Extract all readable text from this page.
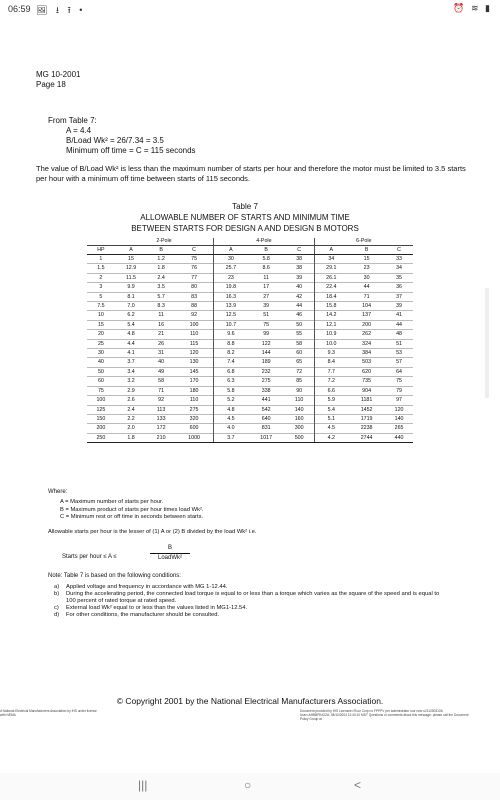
06:59 🖼 ⭳ ⭱ •	⏰ ≋ ▮
MG 10-2001
Page 18
From Table 7:
A = 4.4
B/Load Wk² = 26/7.34 = 3.5
Minimum off time = C = 115 seconds
The value of B/Load Wk² is less than the maximum number of starts per hour and therefore the motor must be limited to 3.5 starts per hour with a minimum off time between starts of 115 seconds.
Table 7
ALLOWABLE NUMBER OF STARTS AND MINIMUM TIME
BETWEEN STARTS FOR DESIGN A AND DESIGN B MOTORS
	2-Pole			4-Pole			6-Pole		
HP	A	B	C	A	B	C	A	B	C
1	15	1.2	75	30	5.8	38	34	15	33
1.5	12.9	1.8	76	25.7	8.6	38	29.1	23	34
2	11.5	2.4	77	23	11	39	26.1	30	35
3	9.9	3.5	80	19.8	17	40	22.4	44	36
5	8.1	5.7	83	16.3	27	42	18.4	71	37
7.5	7.0	8.3	88	13.9	39	44	15.8	104	39
10	6.2	11	92	12.5	51	46	14.2	137	41
15	5.4	16	100	10.7	75	50	12.1	200	44
20	4.8	21	110	9.6	99	55	10.9	262	48
25	4.4	26	115	8.8	122	58	10.0	324	51
30	4.1	31	120	8.2	144	60	9.3	384	53
40	3.7	40	130	7.4	189	65	8.4	503	57
50	3.4	49	145	6.8	232	72	7.7	620	64
60	3.2	58	170	6.3	275	85	7.2	735	75
75	2.9	71	180	5.8	338	90	6.6	904	79
100	2.6	92	110	5.2	441	110	5.9	1181	97
125	2.4	113	275	4.8	542	140	5.4	1452	120
150	2.2	133	320	4.5	640	160	5.1	1719	140
200	2.0	172	600	4.0	831	300	4.5	2238	265
250	1.8	210	1000	3.7	1017	500	4.2	2744	440
Where:
A = Maximum number of starts per hour.
B = Maximum product of starts per hour times load Wk².
C = Minimum rest or off time in seconds between starts.
Allowable starts per hour is the lesser of (1) A or (2) B divided by the load Wk² i.e.
Starts per hour ≤ A ≤
B
LoadWk²
Note: Table 7 is based on the following conditions:
a)	Applied voltage and frequency in accordance with MG 1-12.44.
b)	During the accelerating period, the connected load torque is equal to or less than a torque which varies as the square of the speed and is equal to 100 percent of rated torque at rated speed.
c)	External load Wk² equal to or less than the values listed in MG1-12.54.
d)	For other conditions, the manufacturer should be consulted.
© Copyright 2001 by the National Electrical Manufacturers Association.
d National Electrical Manufacturers Association by IHS under license with NEMA
Document provided by IHS Licensee=Fluor Corp no FPPPV per administrator /uor new u2110503106, User=AHBBPINOZA, 08/10/2004 12:40:10 MDT Questions or comments about this message: please call the Document Policy Group at
|||	○	<
